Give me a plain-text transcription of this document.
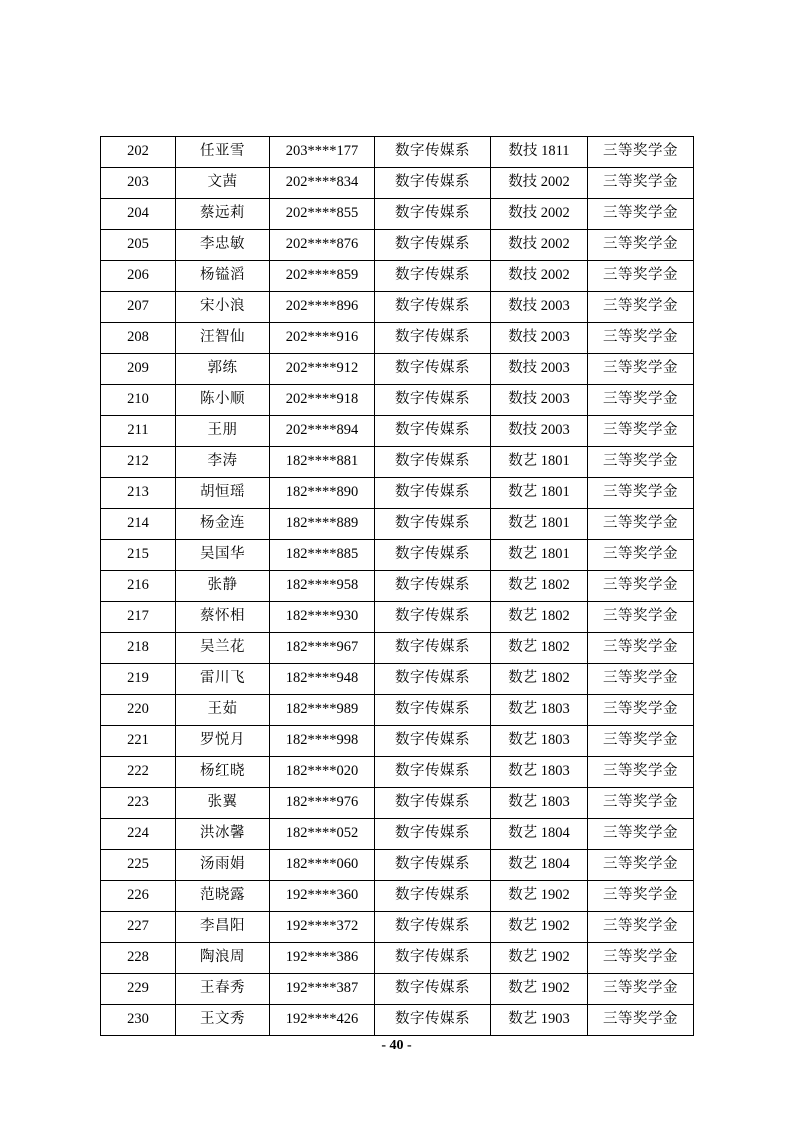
202	任亚雪	203****177	数字传媒系	数技 1811	三等奖学金
203	文茜	202****834	数字传媒系	数技 2002	三等奖学金
204	蔡远莉	202****855	数字传媒系	数技 2002	三等奖学金
205	李忠敏	202****876	数字传媒系	数技 2002	三等奖学金
206	杨镒滔	202****859	数字传媒系	数技 2002	三等奖学金
207	宋小浪	202****896	数字传媒系	数技 2003	三等奖学金
208	汪智仙	202****916	数字传媒系	数技 2003	三等奖学金
209	郭练	202****912	数字传媒系	数技 2003	三等奖学金
210	陈小顺	202****918	数字传媒系	数技 2003	三等奖学金
211	王朋	202****894	数字传媒系	数技 2003	三等奖学金
212	李涛	182****881	数字传媒系	数艺 1801	三等奖学金
213	胡恒瑶	182****890	数字传媒系	数艺 1801	三等奖学金
214	杨金连	182****889	数字传媒系	数艺 1801	三等奖学金
215	吴国华	182****885	数字传媒系	数艺 1801	三等奖学金
216	张静	182****958	数字传媒系	数艺 1802	三等奖学金
217	蔡怀相	182****930	数字传媒系	数艺 1802	三等奖学金
218	吴兰花	182****967	数字传媒系	数艺 1802	三等奖学金
219	雷川飞	182****948	数字传媒系	数艺 1802	三等奖学金
220	王茹	182****989	数字传媒系	数艺 1803	三等奖学金
221	罗悦月	182****998	数字传媒系	数艺 1803	三等奖学金
222	杨红晓	182****020	数字传媒系	数艺 1803	三等奖学金
223	张翼	182****976	数字传媒系	数艺 1803	三等奖学金
224	洪冰馨	182****052	数字传媒系	数艺 1804	三等奖学金
225	汤雨娟	182****060	数字传媒系	数艺 1804	三等奖学金
226	范晓露	192****360	数字传媒系	数艺 1902	三等奖学金
227	李昌阳	192****372	数字传媒系	数艺 1902	三等奖学金
228	陶浪周	192****386	数字传媒系	数艺 1902	三等奖学金
229	王春秀	192****387	数字传媒系	数艺 1902	三等奖学金
230	王文秀	192****426	数字传媒系	数艺 1903	三等奖学金
- 40 -
